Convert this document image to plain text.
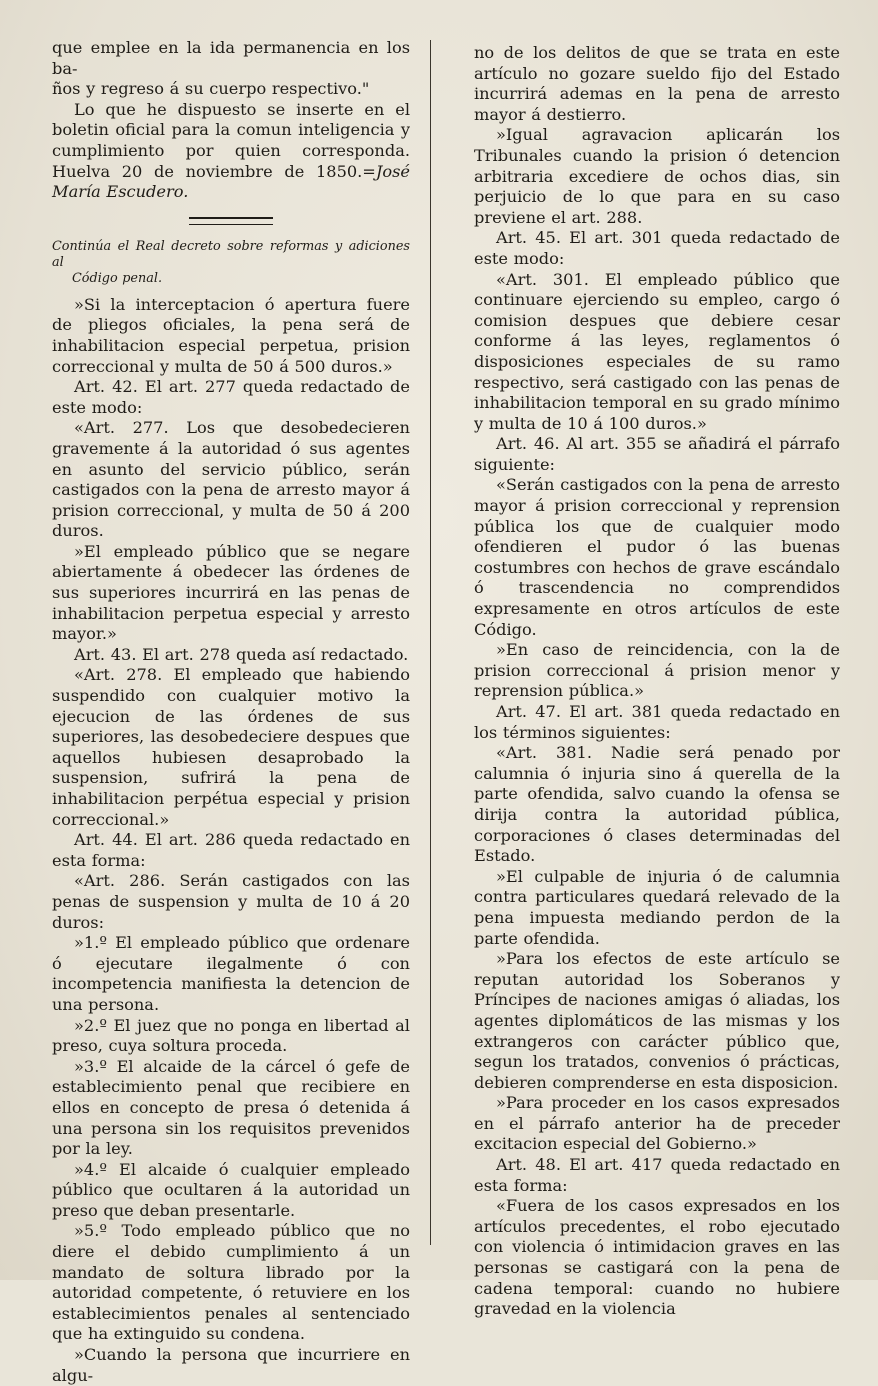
que emplee en la ida permanencia en los ba-

ños y regreso á su cuerpo respectivo."

Lo que he dispuesto se inserte en el boletin oficial para la comun inteligencia y cumplimiento por quien corresponda. Huelva 20 de noviembre de 1850.=José María Escudero.

Continúa el Real decreto sobre reformas y adiciones al
Código penal.

»Si la interceptacion ó apertura fuere de pliegos oficiales, la pena será de inhabilitacion especial perpetua, prision correccional y multa de 50 á 500 duros.»

Art. 42. El art. 277 queda redactado de este modo:

«Art. 277. Los que desobedecieren gravemente á la autoridad ó sus agentes en asunto del servicio público, serán castigados con la pena de arresto mayor á prision correccional, y multa de 50 á 200 duros.

»El empleado público que se negare abiertamente á obedecer las órdenes de sus superiores incurrirá en las penas de inhabilitacion perpetua especial y arresto mayor.»

Art. 43. El art. 278 queda así redactado.

«Art. 278. El empleado que habiendo suspendido con cualquier motivo la ejecucion de las órdenes de sus superiores, las desobedeciere despues que aquellos hubiesen desaprobado la suspension, sufrirá la pena de inhabilitacion perpétua especial y prision correccional.»

Art. 44. El art. 286 queda redactado en esta forma:

«Art. 286. Serán castigados con las penas de suspension y multa de 10 á 20 duros:

»1.º El empleado público que ordenare ó ejecutare ilegalmente ó con incompetencia manifiesta la detencion de una persona.

»2.º El juez que no ponga en libertad al preso, cuya soltura proceda.

»3.º El alcaide de la cárcel ó gefe de establecimiento penal que recibiere en ellos en concepto de presa ó detenida á una persona sin los requisitos prevenidos por la ley.

»4.º El alcaide ó cualquier empleado público que ocultaren á la autoridad un preso que deban presentarle.

»5.º Todo empleado público que no diere el debido cumplimiento á un mandato de soltura librado por la autoridad competente, ó retuviere en los establecimientos penales al sentenciado que ha extinguido su condena.

»Cuando la persona que incurriere en algu-

no de los delitos de que se trata en este artículo no gozare sueldo fijo del Estado incurrirá ademas en la pena de arresto mayor á destierro.

»Igual agravacion aplicarán los Tribunales cuando la prision ó detencion arbitraria excediere de ochos dias, sin perjuicio de lo que para en su caso previene el art. 288.

Art. 45. El art. 301 queda redactado de este modo:

«Art. 301. El empleado público que continuare ejerciendo su empleo, cargo ó comision despues que debiere cesar conforme á las leyes, reglamentos ó disposiciones especiales de su ramo respectivo, será castigado con las penas de inhabilitacion temporal en su grado mínimo y multa de 10 á 100 duros.»

Art. 46. Al art. 355 se añadirá el párrafo siguiente:

«Serán castigados con la pena de arresto mayor á prision correccional y reprension pública los que de cualquier modo ofendieren el pudor ó las buenas costumbres con hechos de grave escándalo ó trascendencia no comprendidos expresamente en otros artículos de este Código.

»En caso de reincidencia, con la de prision correccional á prision menor y reprension pública.»

Art. 47. El art. 381 queda redactado en los términos siguientes:

«Art. 381. Nadie será penado por calumnia ó injuria sino á querella de la parte ofendida, salvo cuando la ofensa se dirija contra la autoridad pública, corporaciones ó clases determinadas del Estado.

»El culpable de injuria ó de calumnia contra particulares quedará relevado de la pena impuesta mediando perdon de la parte ofendida.

»Para los efectos de este artículo se reputan autoridad los Soberanos y Príncipes de naciones amigas ó aliadas, los agentes diplomáticos de las mismas y los extrangeros con carácter público que, segun los tratados, convenios ó prácticas, debieren comprenderse en esta disposicion.

»Para proceder en los casos expresados en el párrafo anterior ha de preceder excitacion especial del Gobierno.»

Art. 48. El art. 417 queda redactado en esta forma:

«Fuera de los casos expresados en los artículos precedentes, el robo ejecutado con violencia ó intimidacion graves en las personas se castigará con la pena de cadena temporal: cuando no hubiere gravedad en la violencia
